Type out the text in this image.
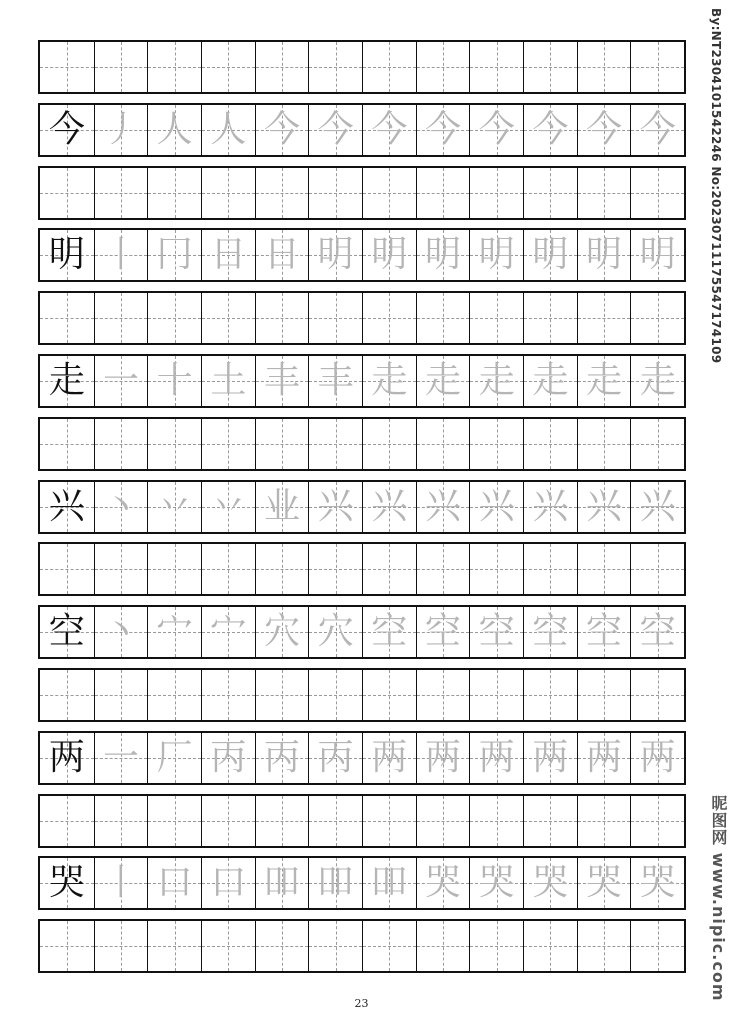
今 丿 人 人 今 今 今 今 今 今 今 今
明 丨 冂 日 日 明 明 明 明 明 明 明
走 一 十 土 丰 丰 走 走 走 走 走 走
兴 丶 丷 丷 业 兴 兴 兴 兴 兴 兴 兴
空 丶 宀 宀 穴 穴 空 空 空 空 空 空
两 一 厂 丙 丙 丙 两 两 两 两 两 两
哭 丨 口 口 吅 吅 吅 哭 哭 哭 哭 哭
23
By:NT2304101542246 No:20230711175547174109
昵图网 www.nipic.com
